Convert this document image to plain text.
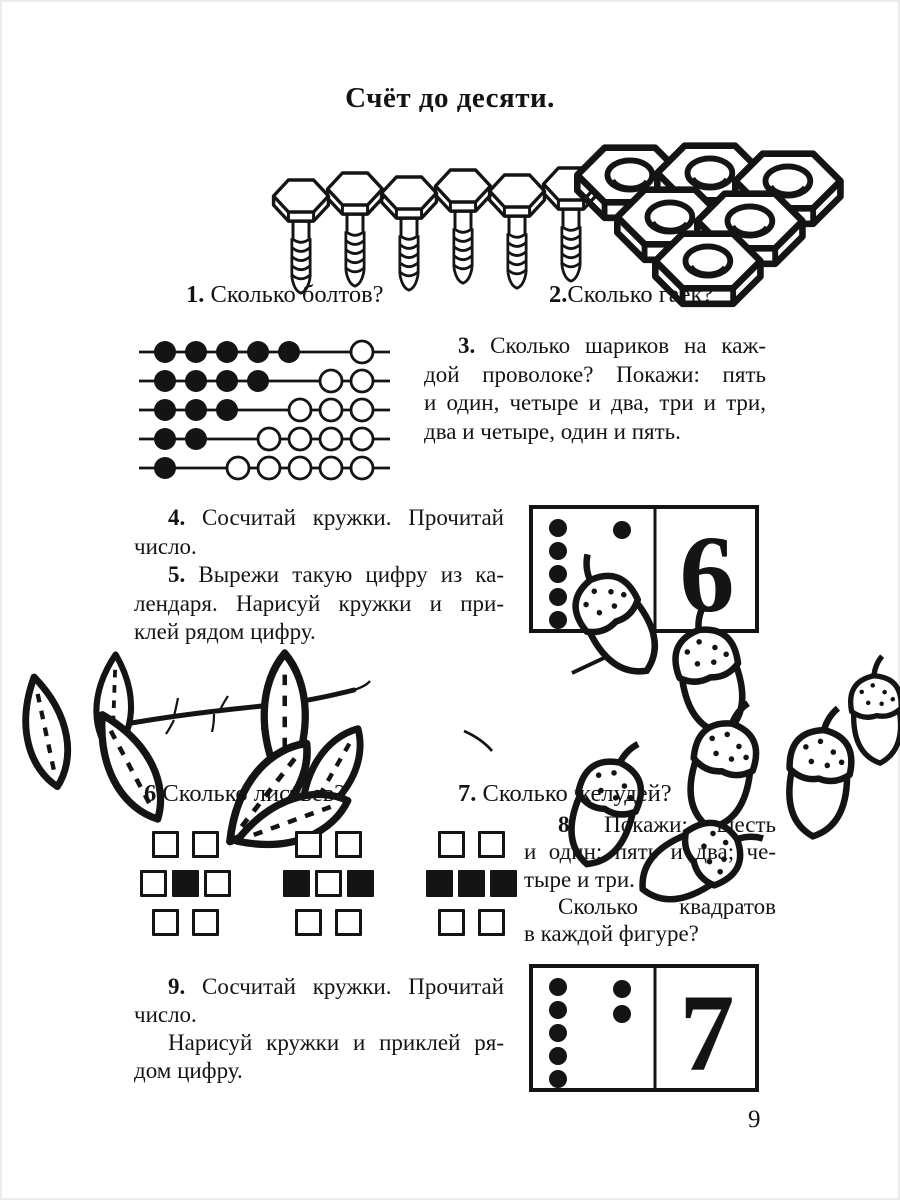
Счёт до десяти.
1. Сколько болтов?	2.Сколько гаек?
3. Сколько шариков на каж-
дой проволоке? Покажи: пять
и один, четыре и два, три и три,
два и четыре, один и пять.
4. Сосчитай кружки. Прочитай
число.
5. Вырежи такую цифру из ка-
лендаря. Нарисуй кружки и при-
клей рядом цифру.	6
6.Сколько листьев?	7. Сколько желудей?
8. Покажи: шесть
и один; пять и два; че-
тыре и три.
Сколько квадратов
в каждой фигуре?
9. Сосчитай кружки. Прочитай
число.
Нарисуй кружки и приклей ря-
дом цифру.	7
9
